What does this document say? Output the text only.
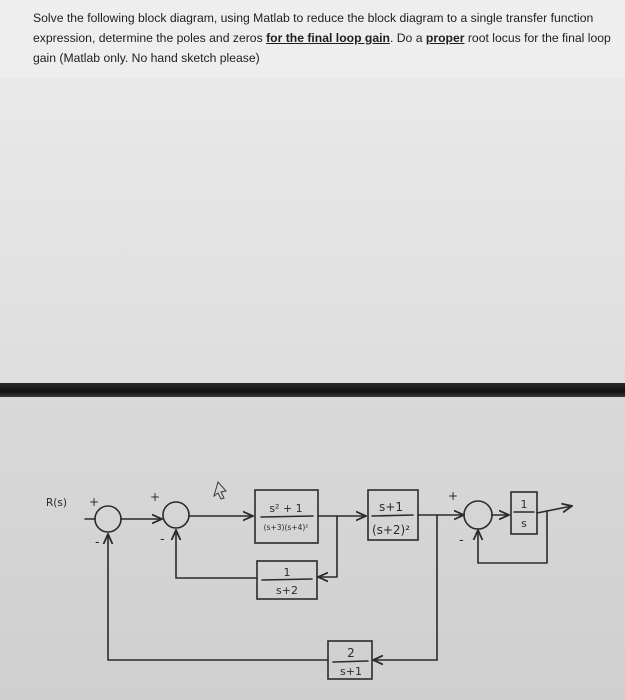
Solve the following block diagram, using Matlab to reduce the block diagram to a single transfer function expression, determine the poles and zeros for the final loop gain. Do a proper root locus for the final loop gain (Matlab only. No hand sketch please)
R(s) +
-
+
-
s² + 1
(s+3)(s+4)²
1
s+2
s+1
(s+2)²
+
-
1
s
2
s+1
